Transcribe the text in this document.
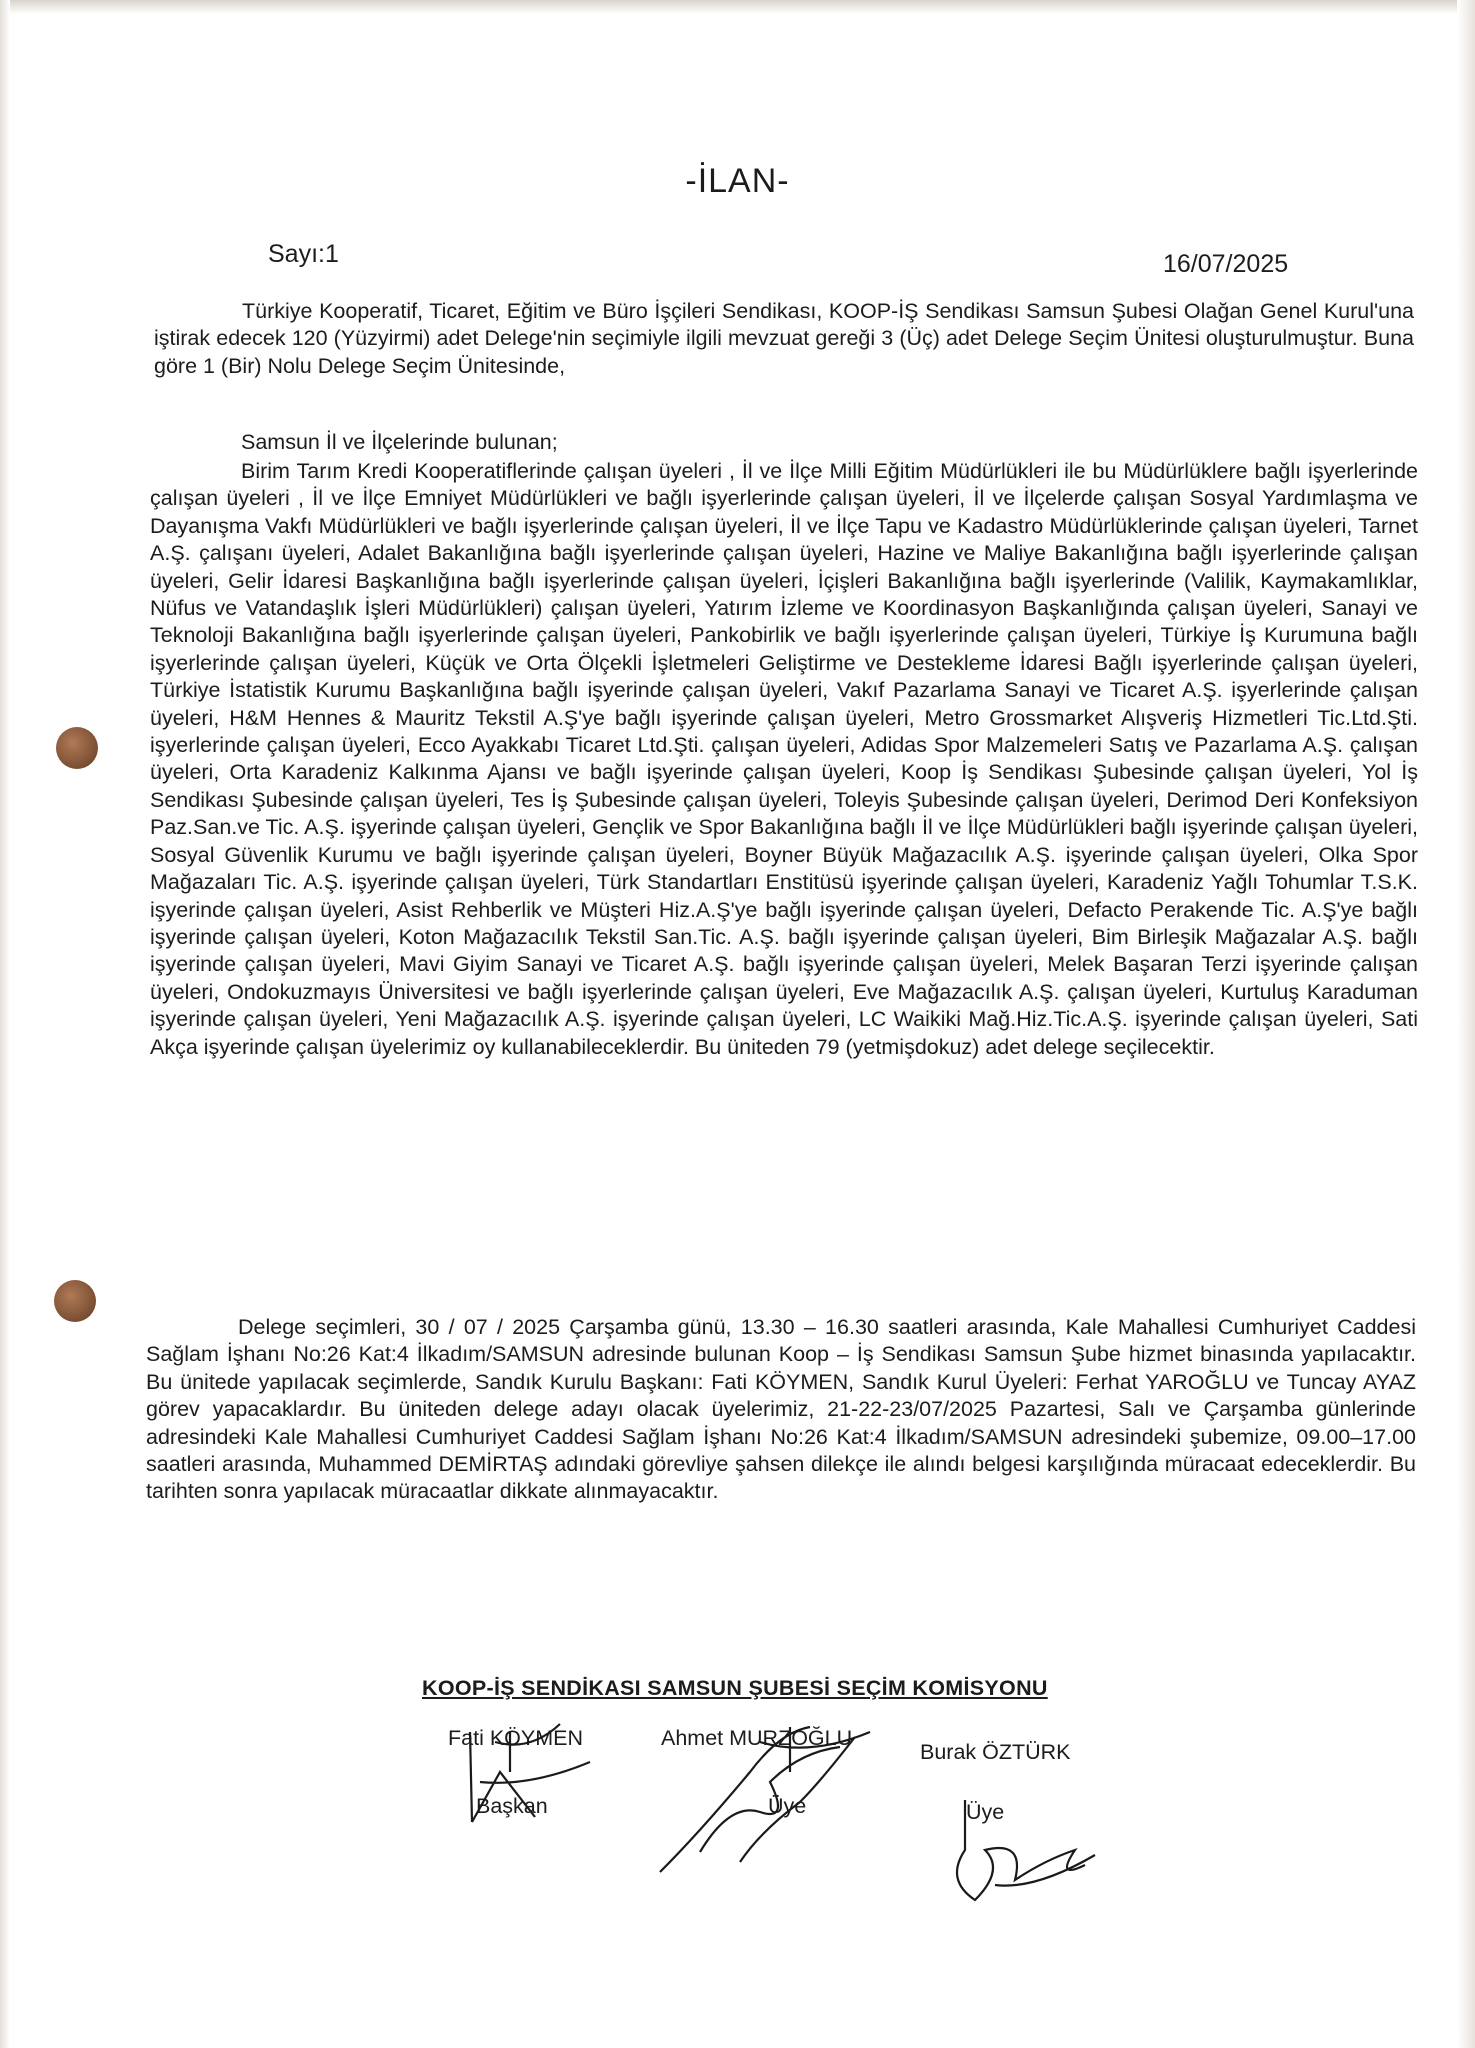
-İLAN-
Sayı:1	16/07/2025

Türkiye Kooperatif, Ticaret, Eğitim ve Büro İşçileri Sendikası, KOOP-İŞ Sendikası Samsun Şubesi Olağan Genel Kurul'una iştirak edecek 120 (Yüzyirmi) adet Delege'nin seçimiyle ilgili mevzuat gereği 3 (Üç) adet Delege Seçim Ünitesi oluşturulmuştur. Buna göre 1 (Bir) Nolu Delege Seçim Ünitesinde,

Samsun İl ve İlçelerinde bulunan;

Birim Tarım Kredi Kooperatiflerinde çalışan üyeleri , İl ve İlçe Milli Eğitim Müdürlükleri ile bu Müdürlüklere bağlı işyerlerinde çalışan üyeleri , İl ve İlçe Emniyet Müdürlükleri ve bağlı işyerlerinde çalışan üyeleri, İl ve İlçelerde çalışan Sosyal Yardımlaşma ve Dayanışma Vakfı Müdürlükleri ve bağlı işyerlerinde çalışan üyeleri, İl ve İlçe Tapu ve Kadastro Müdürlüklerinde çalışan üyeleri, Tarnet A.Ş. çalışanı üyeleri, Adalet Bakanlığına bağlı işyerlerinde çalışan üyeleri, Hazine ve Maliye Bakanlığına bağlı işyerlerinde çalışan üyeleri, Gelir İdaresi Başkanlığına bağlı işyerlerinde çalışan üyeleri, İçişleri Bakanlığına bağlı işyerlerinde (Valilik, Kaymakamlıklar, Nüfus ve Vatandaşlık İşleri Müdürlükleri) çalışan üyeleri, Yatırım İzleme ve Koordinasyon Başkanlığında çalışan üyeleri, Sanayi ve Teknoloji Bakanlığına bağlı işyerlerinde çalışan üyeleri, Pankobirlik ve bağlı işyerlerinde çalışan üyeleri, Türkiye İş Kurumuna bağlı işyerlerinde çalışan üyeleri, Küçük ve Orta Ölçekli İşletmeleri Geliştirme ve Destekleme İdaresi Bağlı işyerlerinde çalışan üyeleri, Türkiye İstatistik Kurumu Başkanlığına bağlı işyerinde çalışan üyeleri, Vakıf Pazarlama Sanayi ve Ticaret A.Ş. işyerlerinde çalışan üyeleri, H&M Hennes & Mauritz Tekstil A.Ş'ye bağlı işyerinde çalışan üyeleri, Metro Grossmarket Alışveriş Hizmetleri Tic.Ltd.Şti. işyerlerinde çalışan üyeleri, Ecco Ayakkabı Ticaret Ltd.Şti. çalışan üyeleri, Adidas Spor Malzemeleri Satış ve Pazarlama A.Ş. çalışan üyeleri, Orta Karadeniz Kalkınma Ajansı ve bağlı işyerinde çalışan üyeleri, Koop İş Sendikası Şubesinde çalışan üyeleri, Yol İş Sendikası Şubesinde çalışan üyeleri, Tes İş Şubesinde çalışan üyeleri, Toleyis Şubesinde çalışan üyeleri, Derimod Deri Konfeksiyon Paz.San.ve Tic. A.Ş. işyerinde çalışan üyeleri, Gençlik ve Spor Bakanlığına bağlı İl ve İlçe Müdürlükleri bağlı işyerinde çalışan üyeleri, Sosyal Güvenlik Kurumu ve bağlı işyerinde çalışan üyeleri, Boyner Büyük Mağazacılık A.Ş. işyerinde çalışan üyeleri, Olka Spor Mağazaları Tic. A.Ş. işyerinde çalışan üyeleri, Türk Standartları Enstitüsü işyerinde çalışan üyeleri, Karadeniz Yağlı Tohumlar T.S.K. işyerinde çalışan üyeleri, Asist Rehberlik ve Müşteri Hiz.A.Ş'ye bağlı işyerinde çalışan üyeleri, Defacto Perakende Tic. A.Ş'ye bağlı işyerinde çalışan üyeleri, Koton Mağazacılık Tekstil San.Tic. A.Ş. bağlı işyerinde çalışan üyeleri, Bim Birleşik Mağazalar A.Ş. bağlı işyerinde çalışan üyeleri, Mavi Giyim Sanayi ve Ticaret A.Ş. bağlı işyerinde çalışan üyeleri, Melek Başaran Terzi işyerinde çalışan üyeleri, Ondokuzmayıs Üniversitesi ve bağlı işyerlerinde çalışan üyeleri, Eve Mağazacılık A.Ş. çalışan üyeleri, Kurtuluş Karaduman işyerinde çalışan üyeleri, Yeni Mağazacılık A.Ş. işyerinde çalışan üyeleri, LC Waikiki Mağ.Hiz.Tic.A.Ş. işyerinde çalışan üyeleri, Sati Akça işyerinde çalışan üyelerimiz oy kullanabileceklerdir. Bu üniteden 79 (yetmişdokuz) adet delege seçilecektir.

Delege seçimleri, 30 / 07 / 2025 Çarşamba günü, 13.30 – 16.30 saatleri arasında, Kale Mahallesi Cumhuriyet Caddesi Sağlam İşhanı No:26 Kat:4 İlkadım/SAMSUN adresinde bulunan Koop – İş Sendikası Samsun Şube hizmet binasında yapılacaktır. Bu ünitede yapılacak seçimlerde, Sandık Kurulu Başkanı: Fati KÖYMEN, Sandık Kurul Üyeleri: Ferhat YAROĞLU ve Tuncay AYAZ görev yapacaklardır. Bu üniteden delege adayı olacak üyelerimiz, 21-22-23/07/2025 Pazartesi, Salı ve Çarşamba günlerinde adresindeki Kale Mahallesi Cumhuriyet Caddesi Sağlam İşhanı No:26 Kat:4 İlkadım/SAMSUN adresindeki şubemize, 09.00–17.00 saatleri arasında, Muhammed DEMİRTAŞ adındaki görevliye şahsen dilekçe ile alındı belgesi karşılığında müracaat edeceklerdir. Bu tarihten sonra yapılacak müracaatlar dikkate alınmayacaktır.

KOOP-İŞ SENDİKASI SAMSUN ŞUBESİ SEÇİM KOMİSYONU
Fati KÖYMEN
Başkan
Ahmet MURZOĞLU
Üye
Burak ÖZTÜRK
Üye
